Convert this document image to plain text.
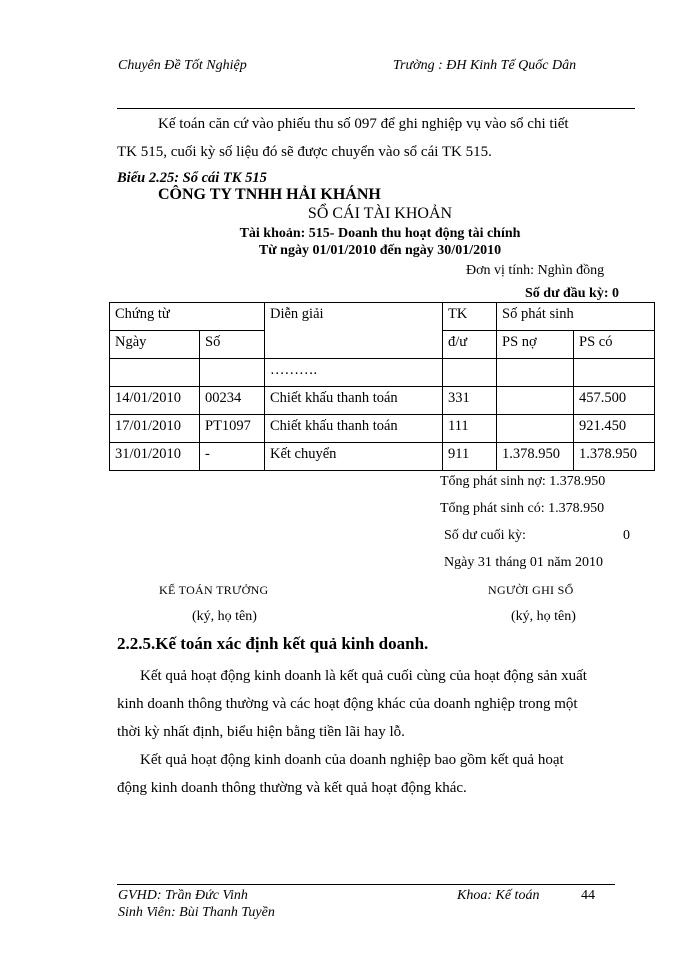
Chuyên Đề Tốt Nghiệp	Trường : ĐH Kinh Tế Quốc Dân
Kế toán căn cứ vào phiếu thu số 097 để ghi nghiệp vụ vào sổ chi tiết
TK 515, cuối kỳ số liệu đó sẽ được chuyển vào sổ cái TK 515.
Biểu 2.25: Sổ cái TK 515
CÔNG TY TNHH HẢI KHÁNH
SỔ CÁI TÀI KHOẢN
Tài khoản: 515- Doanh thu hoạt động tài chính
Từ ngày 01/01/2010 đến ngày 30/01/2010
Đơn vị tính: Nghìn đồng
Số dư đầu kỳ: 0
Chứng từ		Diễn giải	TK	Số phát sinh	
Ngày	Số		đ/ư	PS nợ	PS có
		……….			
14/01/2010	00234	Chiết khấu thanh toán	331		457.500
17/01/2010	PT1097	Chiết khấu thanh toán	111		921.450
31/01/2010	-	Kết chuyển	911	1.378.950	1.378.950
Tổng phát sinh nợ: 1.378.950
Tổng phát sinh có: 1.378.950
Số dư cuối kỳ:	0
Ngày 31 tháng 01 năm 2010
KẾ TOÁN TRƯỞNG
(ký, họ tên)
NGƯỜI GHI SỔ
(ký, họ tên)
2.2.5.Kế toán xác định kết quả kinh doanh.
Kết quả hoạt động kinh doanh là kết quả cuối cùng của hoạt động sản xuất
kinh doanh thông thường và các hoạt động khác của doanh nghiệp trong một
thời kỳ nhất định, biểu hiện bằng tiền lãi hay lỗ.
Kết quả hoạt động kinh doanh của doanh nghiệp bao gồm kết quả hoạt
động kinh doanh thông thường và kết quả hoạt động khác.
GVHD: Trần Đức Vinh
Sinh Viên: Bùi Thanh Tuyền
Khoa: Kế toán	44
